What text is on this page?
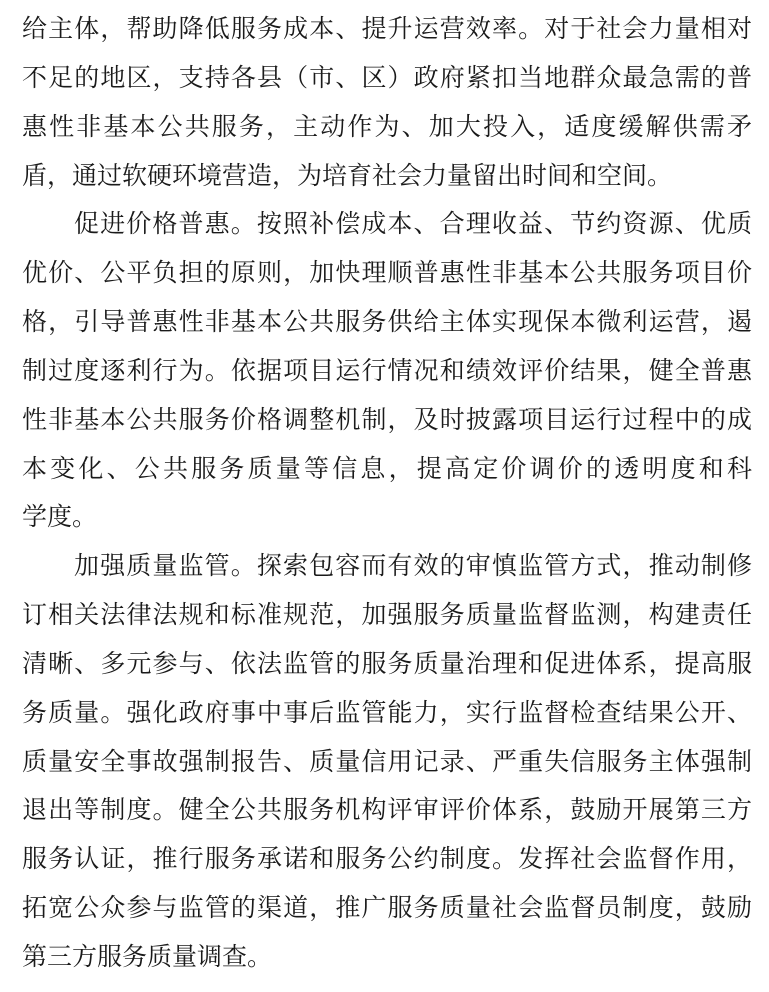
给主体，帮助降低服务成本、提升运营效率。对于社会力量相对
不足的地区，支持各县（市、区）政府紧扣当地群众最急需的普
惠性非基本公共服务，主动作为、加大投入，适度缓解供需矛
盾，通过软硬环境营造，为培育社会力量留出时间和空间。
促进价格普惠。按照补偿成本、合理收益、节约资源、优质
优价、公平负担的原则，加快理顺普惠性非基本公共服务项目价
格，引导普惠性非基本公共服务供给主体实现保本微利运营，遏
制过度逐利行为。依据项目运行情况和绩效评价结果，健全普惠
性非基本公共服务价格调整机制，及时披露项目运行过程中的成
本变化、公共服务质量等信息，提高定价调价的透明度和科
学度。
加强质量监管。探索包容而有效的审慎监管方式，推动制修
订相关法律法规和标准规范，加强服务质量监督监测，构建责任
清晰、多元参与、依法监管的服务质量治理和促进体系，提高服
务质量。强化政府事中事后监管能力，实行监督检查结果公开、
质量安全事故强制报告、质量信用记录、严重失信服务主体强制
退出等制度。健全公共服务机构评审评价体系，鼓励开展第三方
服务认证，推行服务承诺和服务公约制度。发挥社会监督作用，
拓宽公众参与监管的渠道，推广服务质量社会监督员制度，鼓励
第三方服务质量调查。
